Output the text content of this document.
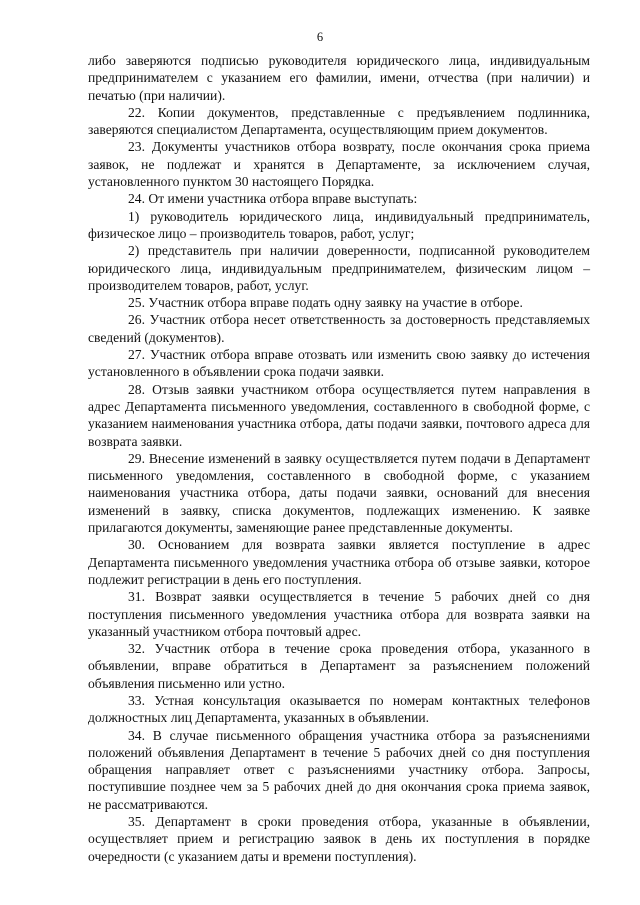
6

либо заверяются подписью руководителя юридического лица, индивидуальным предпринимателем с указанием его фамилии, имени, отчества (при наличии) и печатью (при наличии).

22. Копии документов, представленные с предъявлением подлинника, заверяются специалистом Департамента, осуществляющим прием документов.

23. Документы участников отбора возврату, после окончания срока приема заявок, не подлежат и хранятся в Департаменте, за исключением случая, установленного пунктом 30 настоящего Порядка.

24. От имени участника отбора вправе выступать:

1) руководитель юридического лица, индивидуальный предприниматель, физическое лицо – производитель товаров, работ, услуг;

2) представитель при наличии доверенности, подписанной руководителем юридического лица, индивидуальным предпринимателем, физическим лицом – производителем товаров, работ, услуг.

25. Участник отбора вправе подать одну заявку на участие в отборе.

26. Участник отбора несет ответственность за достоверность представляемых сведений (документов).

27. Участник отбора вправе отозвать или изменить свою заявку до истечения установленного в объявлении срока подачи заявки.

28. Отзыв заявки участником отбора осуществляется путем направления в адрес Департамента письменного уведомления, составленного в свободной форме, с указанием наименования участника отбора, даты подачи заявки, почтового адреса для возврата заявки.

29. Внесение изменений в заявку осуществляется путем подачи в Департамент письменного уведомления, составленного в свободной форме, с указанием наименования участника отбора, даты подачи заявки, оснований для внесения изменений в заявку, списка документов, подлежащих изменению. К заявке прилагаются документы, заменяющие ранее представленные документы.

30. Основанием для возврата заявки является поступление в адрес Департамента письменного уведомления участника отбора об отзыве заявки, которое подлежит регистрации в день его поступления.

31. Возврат заявки осуществляется в течение 5 рабочих дней со дня поступления письменного уведомления участника отбора для возврата заявки на указанный участником отбора почтовый адрес.

32. Участник отбора в течение срока проведения отбора, указанного в объявлении, вправе обратиться в Департамент за разъяснением положений объявления письменно или устно.

33. Устная консультация оказывается по номерам контактных телефонов должностных лиц Департамента, указанных в объявлении.

34. В случае письменного обращения участника отбора за разъяснениями положений объявления Департамент в течение 5 рабочих дней со дня поступления обращения направляет ответ с разъяснениями участнику отбора. Запросы, поступившие позднее чем за 5 рабочих дней до дня окончания срока приема заявок, не рассматриваются.

35. Департамент в сроки проведения отбора, указанные в объявлении, осуществляет прием и регистрацию заявок в день их поступления в порядке очередности (с указанием даты и времени поступления).
